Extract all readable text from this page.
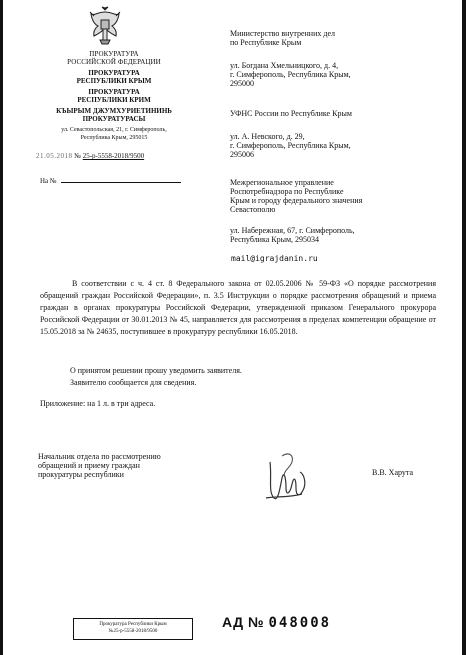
ПРОКУРАТУРА
РОССИЙСКОЙ ФЕДЕРАЦИИ
ПРОКУРАТУРА
РЕСПУБЛИКИ КРЫМ
ПРОКУРАТУРА
РЕСПУБЛИКИ КРИМ
КЪЫРЫМ ДЖУМХУРИЕТИНИНЬ
ПРОКУРАТУРАСЫ
ул. Севастопольская, 21, г. Симферополь,
Республика Крым, 295015
21.05.2018 № 25-р-5558-2018/9500
На №
Министерство внутренних дел
по Республике Крым
ул. Богдана Хмельницкого, д. 4,
г. Симферополь, Республика Крым,
295000
УФНС России по Республике Крым
ул. А. Невского, д. 29,
г. Симферополь, Республика Крым,
295006
Межрегиональное управление
Роспотребнадзора по Республике
Крым и городу федерального значения
Севастополю
ул. Набережная, 67, г. Симферополь,
Республика Крым, 295034
mail@igrajdanin.ru
В соответствии с ч. 4 ст. 8 Федерального закона от 02.05.2006 № 59-ФЗ «О порядке рассмотрения обращений граждан Российской Федерации», п. 3.5 Инструкции о порядке рассмотрения обращений и приема граждан в органах прокуратуры Российской Федерации, утвержденной приказом Генерального прокурора Российской Федерации от 30.01.2013 № 45, направляется для рассмотрения в пределах компетенции обращение от 15.05.2018 за № 24635, поступившее в прокуратуру республики 16.05.2018.
О принятом решении прошу уведомить заявителя.
Заявителю сообщается для сведения.
Приложение: на 1 л. в три адреса.
Начальник отдела по рассмотрению
обращений и приему граждан
прокуратуры республики	В.В. Харута
Прокуратура Республики Крым
№25-р-5558-2018/9500
АД № 048008
